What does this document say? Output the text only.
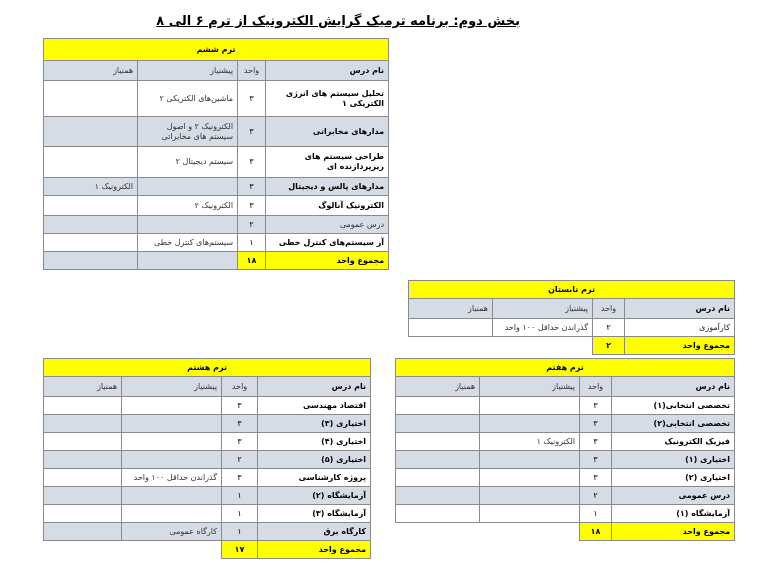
بخش دوم: برنامه ترمیک گرایش الکترونیک از ترم ۶ الی ۸
ترم ششم			
نام درس	واحد	پیشنیاز	همنیاز
تحلیل سیستم های انرژی الکتریکی ۱	۳	ماشین‌های الکتریکی ۲	
مدارهای مخابراتی	۳	الکترونیک ۲ و اصول سیستم های مخابراتی	
طراحی سیستم های ریزپردازنده ای	۳	سیستم دیجیتال ۲	
مدارهای پالس و دیجیتال	۳		الکترونیک ۱
الکترونیک آنالوگ	۳	الکترونیک ۲	
درس عمومی	۲		
آز سیستم‌های کنترل خطی	۱	سیستم‌های کنترل خطی	
مجموع واحد	۱۸		
ترم تابستان			
نام درس	واحد	پیشنیاز	همنیاز
کارآموزی	۲	گذراندن حداقل ۱۰۰ واحد	
مجموع واحد	۲		
ترم هشتم			
نام درس	واحد	پیشنیاز	همنیاز
اقتصاد مهندسی	۳		
اختیاری (۳)	۳		
اختیاری (۴)	۳		
اختیاری (۵)	۲		
پروژه کارشناسی	۳	گذراندن حداقل ۱۰۰ واحد	
آزمایشگاه (۲)	۱		
آزمایشگاه (۳)	۱		
کارگاه برق	۱	کارگاه عمومی	
مجموع واحد	۱۷		
ترم هفتم			
نام درس	واحد	پیشنیاز	همنیاز
تخصصی انتخابی(۱)	۳		
تخصصی انتخابی(۲)	۳		
فیزیک الکترونیک	۳	الکترونیک ۱	
اختیاری (۱)	۳		
اختیاری (۲)	۳		
درس عمومی	۲		
آزمایشگاه (۱)	۱		
مجموع واحد	۱۸		
